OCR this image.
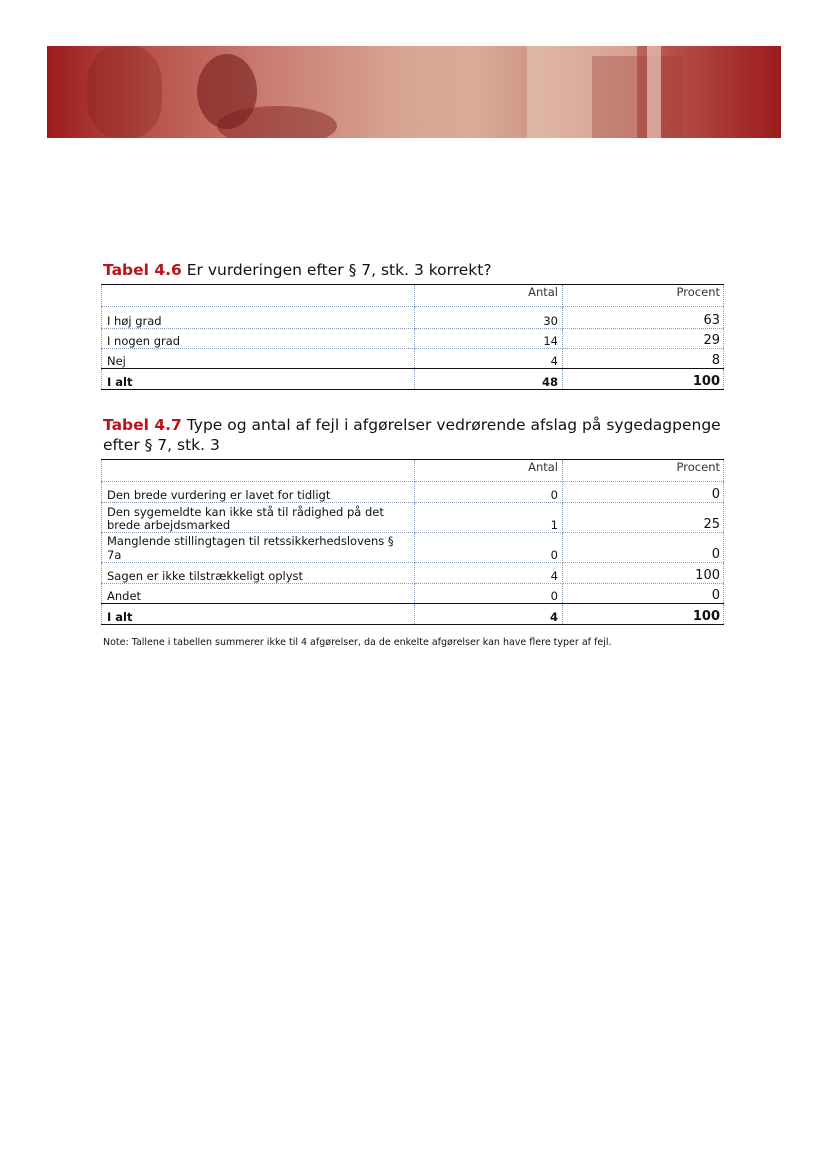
Tabel 4.6 Er vurderingen efter § 7, stk. 3 korrekt?
	Antal	Procent
I høj grad	30	63
I nogen grad	14	29
Nej	4	8
I alt	48	100
Tabel 4.7 Type og antal af fejl i afgørelser vedrørende afslag på sygedagpenge efter § 7, stk. 3
	Antal	Procent
Den brede vurdering er lavet for tidligt	0	0
Den sygemeldte kan ikke stå til rådighed på det brede arbejdsmarked	1	25
Manglende stillingtagen til retssikkerhedslovens § 7a	0	0
Sagen er ikke tilstrækkeligt oplyst	4	100
Andet	0	0
I alt	4	100
Note: Tallene i tabellen summerer ikke til 4 afgørelser, da de enkelte afgørelser kan have flere typer af fejl.
